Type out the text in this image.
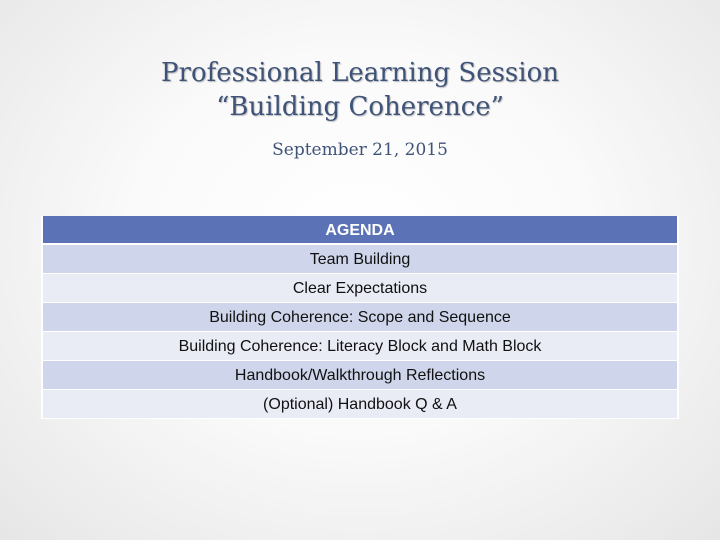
Professional Learning Session
“Building Coherence”
September 21, 2015
AGENDA
Team Building
Clear Expectations
Building Coherence: Scope and Sequence
Building Coherence: Literacy Block and Math Block
Handbook/Walkthrough Reflections
(Optional) Handbook Q & A
